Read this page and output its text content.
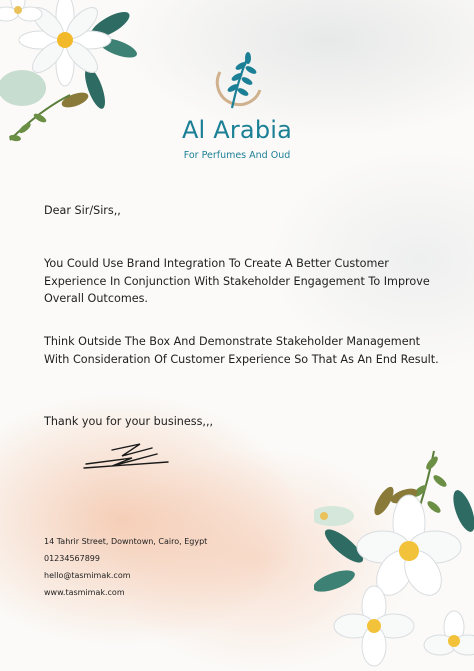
Al Arabia
For Perfumes And Oud
Dear Sir/Sirs,,
You Could Use Brand Integration To Create A Better Customer Experience In Conjunction With Stakeholder Engagement To Improve Overall Outcomes.
Think Outside The Box And Demonstrate Stakeholder Management With Consideration Of Customer Experience So That As An End Result.
Thank you for your business,,,
14 Tahrir Street, Downtown, Cairo, Egypt
01234567899
hello@tasmimak.com
www.tasmimak.com
